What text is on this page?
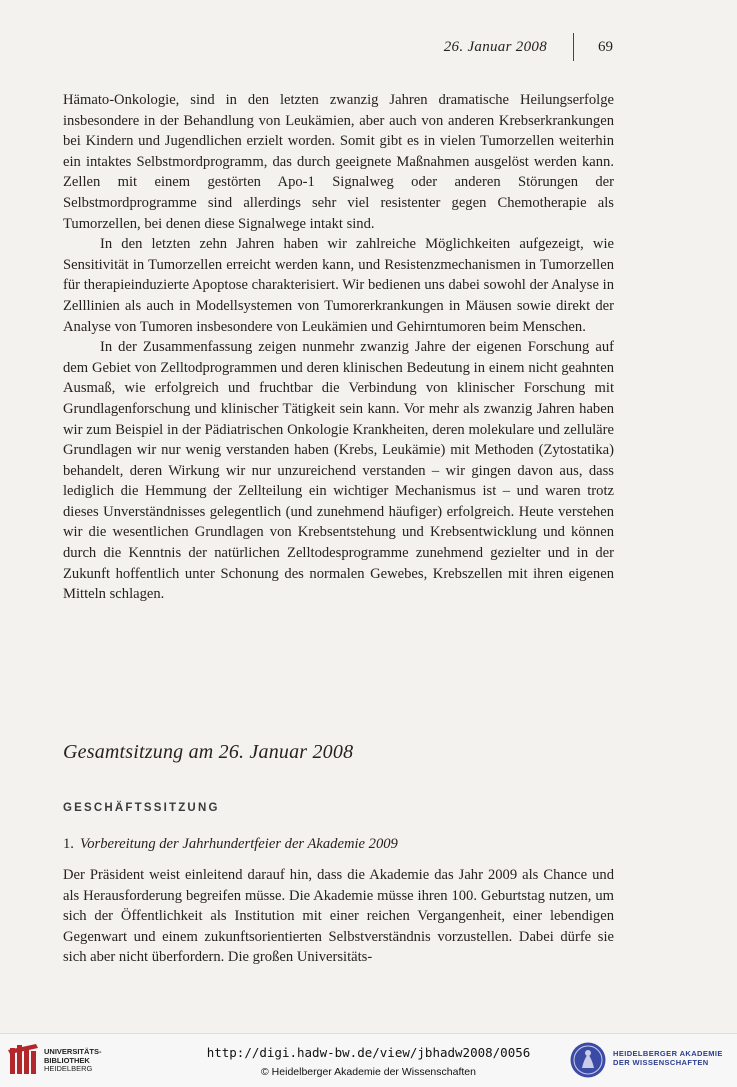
26. Januar 2008	69

Hämato-Onkologie, sind in den letzten zwanzig Jahren dramatische Heilungserfolge insbesondere in der Behandlung von Leukämien, aber auch von anderen Krebserkrankungen bei Kindern und Jugendlichen erzielt worden. Somit gibt es in vielen Tumorzellen weiterhin ein intaktes Selbstmordprogramm, das durch geeignete Maßnahmen ausgelöst werden kann. Zellen mit einem gestörten Apo-1 Signalweg oder anderen Störungen der Selbstmordprogramme sind allerdings sehr viel resistenter gegen Chemotherapie als Tumorzellen, bei denen diese Signalwege intakt sind.

In den letzten zehn Jahren haben wir zahlreiche Möglichkeiten aufgezeigt, wie Sensitivität in Tumorzellen erreicht werden kann, und Resistenzmechanismen in Tumorzellen für therapieinduzierte Apoptose charakterisiert. Wir bedienen uns dabei sowohl der Analyse in Zelllinien als auch in Modellsystemen von Tumorerkrankungen in Mäusen sowie direkt der Analyse von Tumoren insbesondere von Leukämien und Gehirntumoren beim Menschen.

In der Zusammenfassung zeigen nunmehr zwanzig Jahre der eigenen Forschung auf dem Gebiet von Zelltodprogrammen und deren klinischen Bedeutung in einem nicht geahnten Ausmaß, wie erfolgreich und fruchtbar die Verbindung von klinischer Forschung mit Grundlagenforschung und klinischer Tätigkeit sein kann. Vor mehr als zwanzig Jahren haben wir zum Beispiel in der Pädiatrischen Onkologie Krankheiten, deren molekulare und zelluläre Grundlagen wir nur wenig verstanden haben (Krebs, Leukämie) mit Methoden (Zytostatika) behandelt, deren Wirkung wir nur unzureichend verstanden – wir gingen davon aus, dass lediglich die Hemmung der Zellteilung ein wichtiger Mechanismus ist – und waren trotz dieses Unverständnisses gelegentlich (und zunehmend häufiger) erfolgreich. Heute verstehen wir die wesentlichen Grundlagen von Krebsentstehung und Krebsentwicklung und können durch die Kenntnis der natürlichen Zelltodesprogramme zunehmend gezielter und in der Zukunft hoffentlich unter Schonung des normalen Gewebes, Krebszellen mit ihren eigenen Mitteln schlagen.

Gesamtsitzung am 26. Januar 2008
GESCHÄFTSSITZUNG
1. Vorbereitung der Jahrhundertfeier der Akademie 2009

Der Präsident weist einleitend darauf hin, dass die Akademie das Jahr 2009 als Chance und als Herausforderung begreifen müsse. Die Akademie müsse ihren 100. Geburtstag nutzen, um sich der Öffentlichkeit als Institution mit einer reichen Vergangenheit, einer lebendigen Gegenwart und einem zukunftsorientierten Selbstverständnis vorzustellen. Dabei dürfe sie sich aber nicht überfordern. Die großen Universitäts-

UNIVERSITÄTS-
BIBLIOTHEK
HEIDELBERG
http://digi.hadw-bw.de/view/jbhadw2008/0056
© Heidelberger Akademie der Wissenschaften
HEIDELBERGER AKADEMIE
DER WISSENSCHAFTEN
